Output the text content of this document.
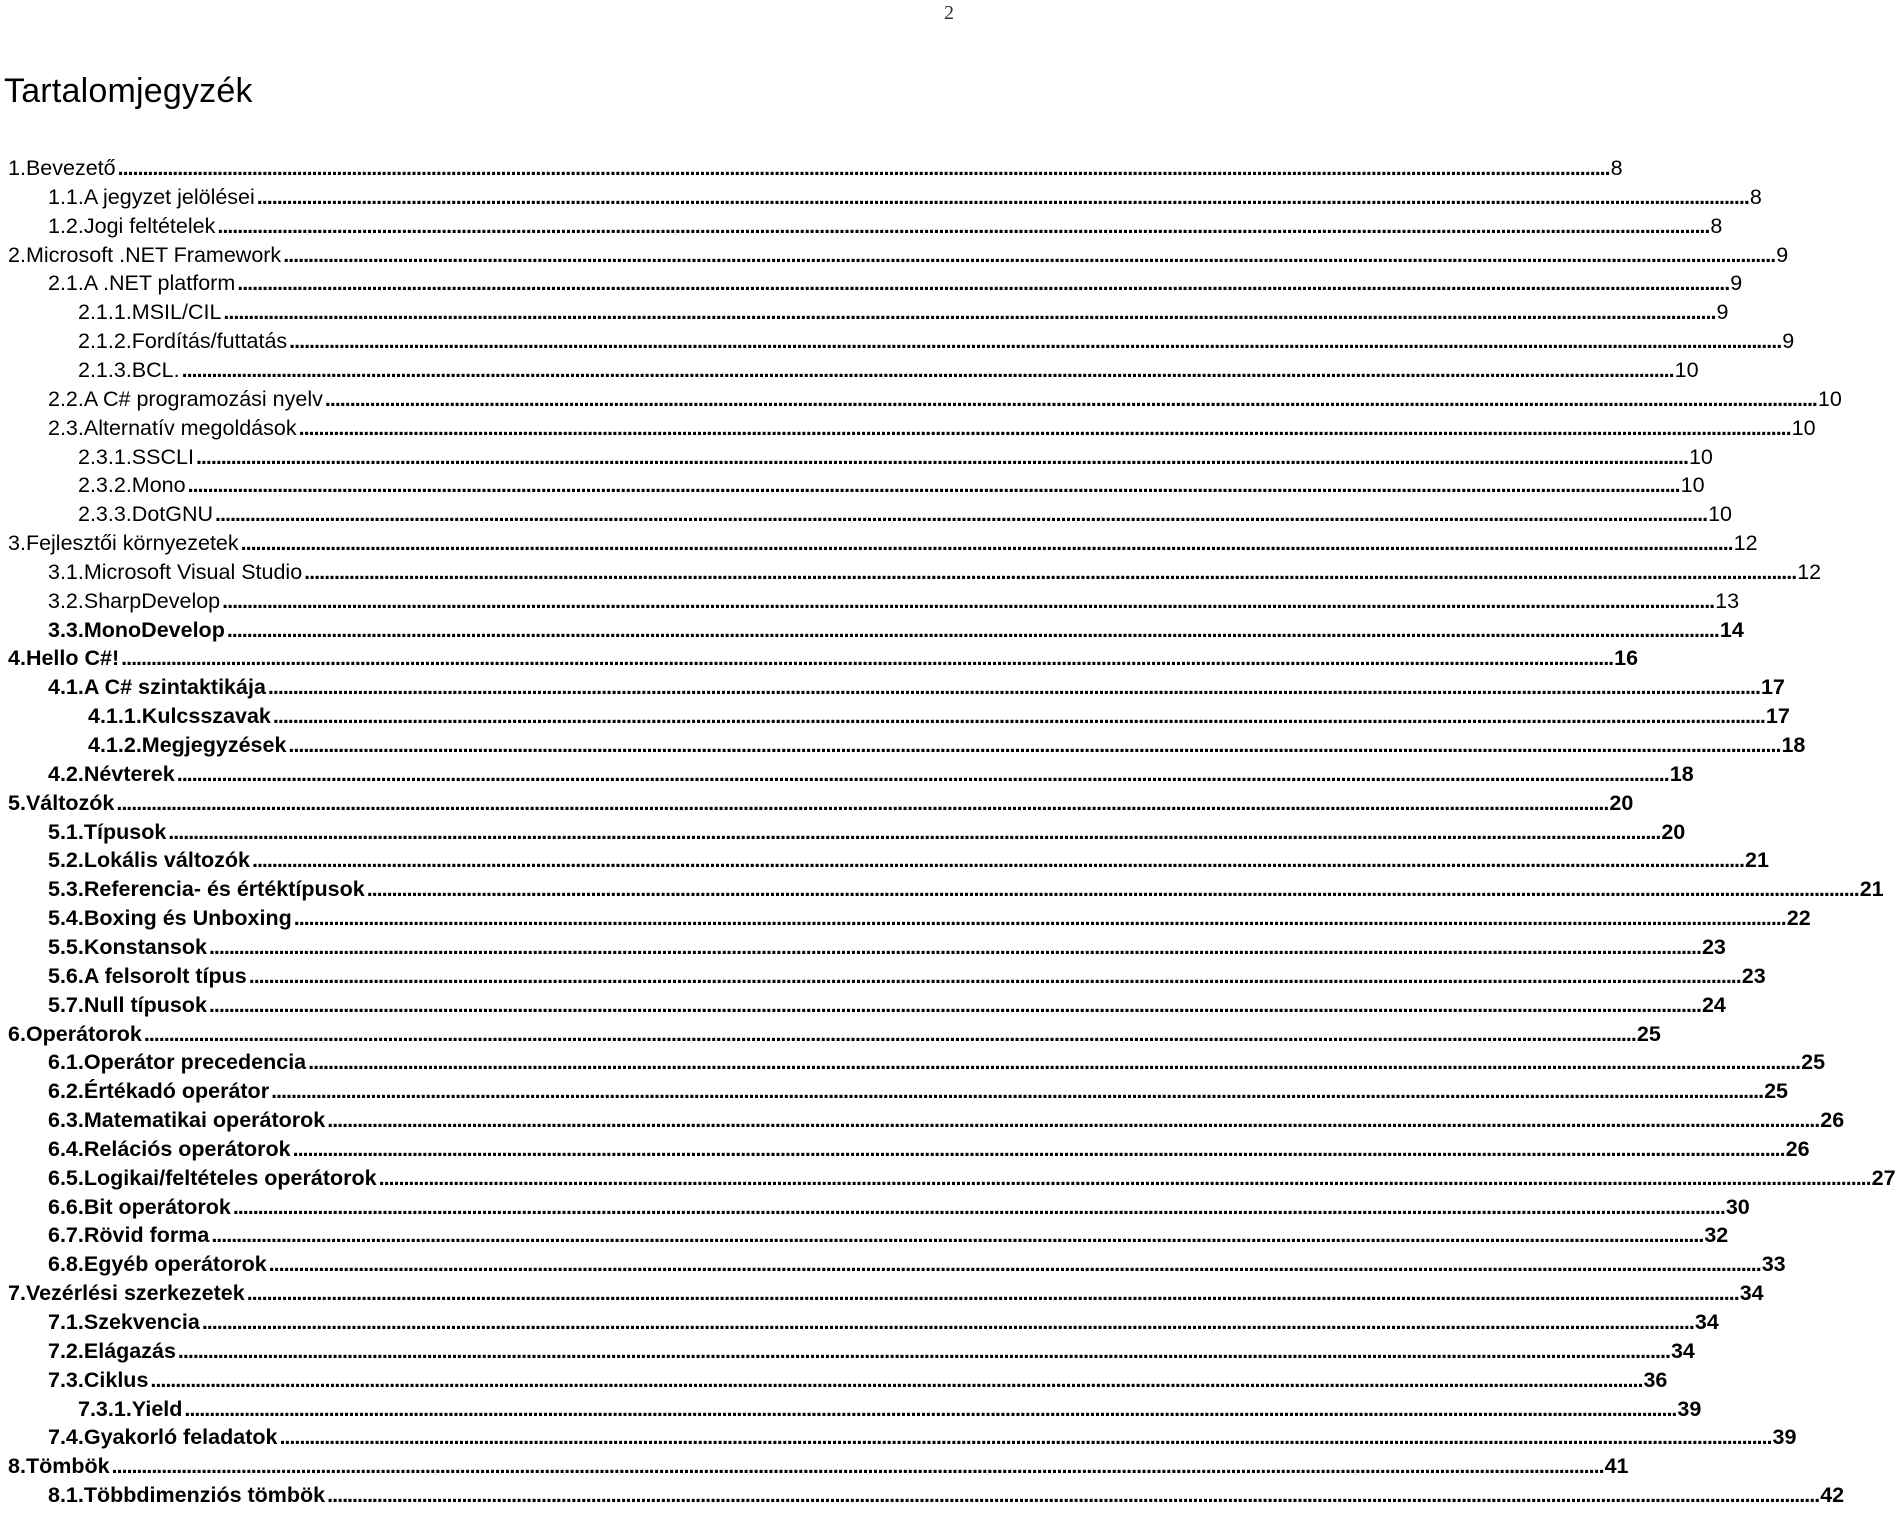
2
Tartalomjegyzék
1. Bevezető ............................................................................................................................................................................................................................................................................................................ 8
1.1. A jegyzet jelölései ............................................................................................................................................................................................................................................................................................................ 8
1.2. Jogi feltételek ............................................................................................................................................................................................................................................................................................................ 8
2. Microsoft .NET Framework ............................................................................................................................................................................................................................................................................................................ 9
2.1. A .NET platform ............................................................................................................................................................................................................................................................................................................ 9
2.1.1. MSIL/CIL ............................................................................................................................................................................................................................................................................................................ 9
2.1.2. Fordítás/futtatás ............................................................................................................................................................................................................................................................................................................ 9
2.1.3. BCL. ............................................................................................................................................................................................................................................................................................................ 10
2.2. A C# programozási nyelv ............................................................................................................................................................................................................................................................................................................ 10
2.3. Alternatív megoldások ............................................................................................................................................................................................................................................................................................................ 10
2.3.1. SSCLI ............................................................................................................................................................................................................................................................................................................ 10
2.3.2. Mono ............................................................................................................................................................................................................................................................................................................ 10
2.3.3. DotGNU ............................................................................................................................................................................................................................................................................................................ 10
3. Fejlesztői környezetek ............................................................................................................................................................................................................................................................................................................ 12
3.1. Microsoft Visual Studio ............................................................................................................................................................................................................................................................................................................ 12
3.2. SharpDevelop ............................................................................................................................................................................................................................................................................................................ 13
3.3. MonoDevelop ............................................................................................................................................................................................................................................................................................................ 14
4. Hello C#! ............................................................................................................................................................................................................................................................................................................ 16
4.1. A C# szintaktikája ............................................................................................................................................................................................................................................................................................................ 17
4.1.1. Kulcsszavak ............................................................................................................................................................................................................................................................................................................ 17
4.1.2. Megjegyzések ............................................................................................................................................................................................................................................................................................................ 18
4.2. Névterek ............................................................................................................................................................................................................................................................................................................ 18
5. Változók ............................................................................................................................................................................................................................................................................................................ 20
5.1. Típusok ............................................................................................................................................................................................................................................................................................................ 20
5.2. Lokális változók ............................................................................................................................................................................................................................................................................................................ 21
5.3. Referencia- és értéktípusok ............................................................................................................................................................................................................................................................................................................ 21
5.4. Boxing és Unboxing ............................................................................................................................................................................................................................................................................................................ 22
5.5. Konstansok ............................................................................................................................................................................................................................................................................................................ 23
5.6. A felsorolt típus ............................................................................................................................................................................................................................................................................................................ 23
5.7. Null típusok ............................................................................................................................................................................................................................................................................................................ 24
6. Operátorok ............................................................................................................................................................................................................................................................................................................ 25
6.1. Operátor precedencia ............................................................................................................................................................................................................................................................................................................ 25
6.2. Értékadó operátor ............................................................................................................................................................................................................................................................................................................ 25
6.3. Matematikai operátorok ............................................................................................................................................................................................................................................................................................................ 26
6.4. Relációs operátorok ............................................................................................................................................................................................................................................................................................................ 26
6.5. Logikai/feltételes operátorok ............................................................................................................................................................................................................................................................................................................ 27
6.6. Bit operátorok ............................................................................................................................................................................................................................................................................................................ 30
6.7. Rövid forma ............................................................................................................................................................................................................................................................................................................ 32
6.8. Egyéb operátorok ............................................................................................................................................................................................................................................................................................................ 33
7. Vezérlési szerkezetek ............................................................................................................................................................................................................................................................................................................ 34
7.1. Szekvencia ............................................................................................................................................................................................................................................................................................................ 34
7.2. Elágazás ............................................................................................................................................................................................................................................................................................................ 34
7.3. Ciklus ............................................................................................................................................................................................................................................................................................................ 36
7.3.1. Yield ............................................................................................................................................................................................................................................................................................................ 39
7.4. Gyakorló feladatok ............................................................................................................................................................................................................................................................................................................ 39
8. Tömbök ............................................................................................................................................................................................................................................................................................................ 41
8.1. Többdimenziós tömbök ............................................................................................................................................................................................................................................................................................................ 42
